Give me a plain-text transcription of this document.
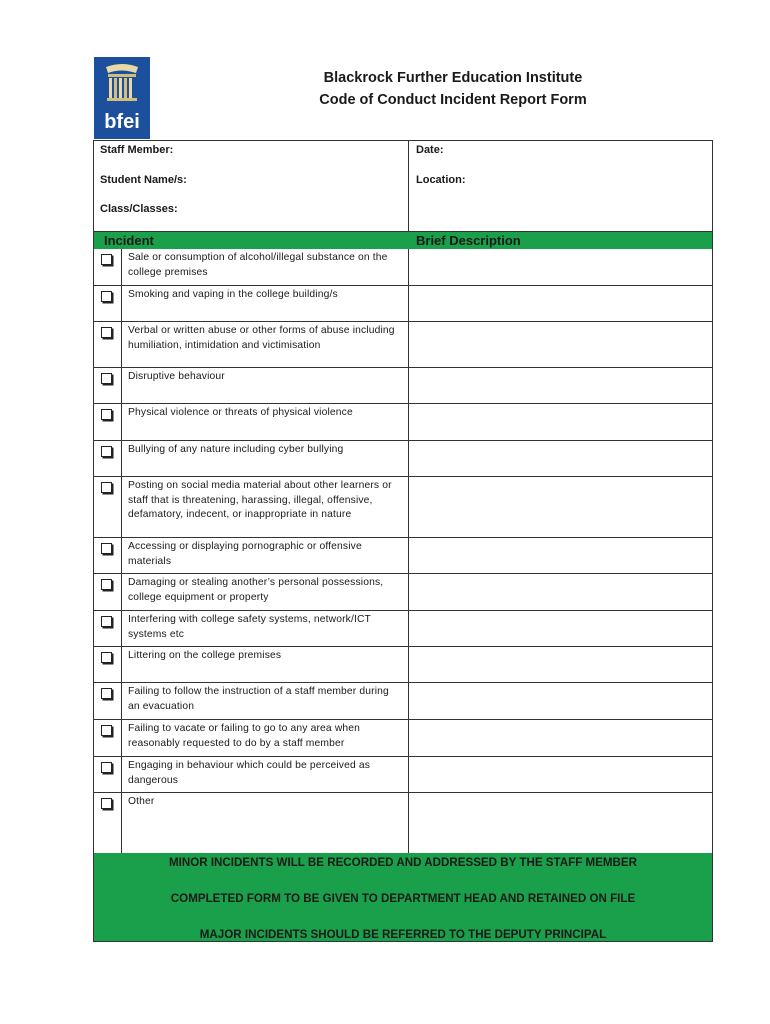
bfei
Blackrock Further Education Institute
Code of Conduct Incident Report Form
Staff Member:	Date:
Student Name/s:	Location:
Class/Classes:
Incident	Brief Description
Sale or consumption of alcohol/illegal substance on the college premises
Smoking and vaping in the college building/s
Verbal or written abuse or other forms of abuse including humiliation, intimidation and victimisation
Disruptive behaviour
Physical violence or threats of physical violence
Bullying of any nature including cyber bullying
Posting on social media material about other learners or staff that is threatening, harassing, illegal, offensive, defamatory, indecent, or inappropriate in nature
Accessing or displaying pornographic or offensive materials
Damaging or stealing another’s personal possessions, college equipment or property
Interfering with college safety systems, network/ICT systems etc
Littering on the college premises
Failing to follow the instruction of a staff member during an evacuation
Failing to vacate or failing to go to any area when reasonably requested to do by a staff member
Engaging in behaviour which could be perceived as dangerous
Other
MINOR INCIDENTS WILL BE RECORDED AND ADDRESSED BY THE STAFF MEMBER
COMPLETED FORM TO BE GIVEN TO DEPARTMENT HEAD AND RETAINED ON FILE
MAJOR INCIDENTS SHOULD BE REFERRED TO THE DEPUTY PRINCIPAL
